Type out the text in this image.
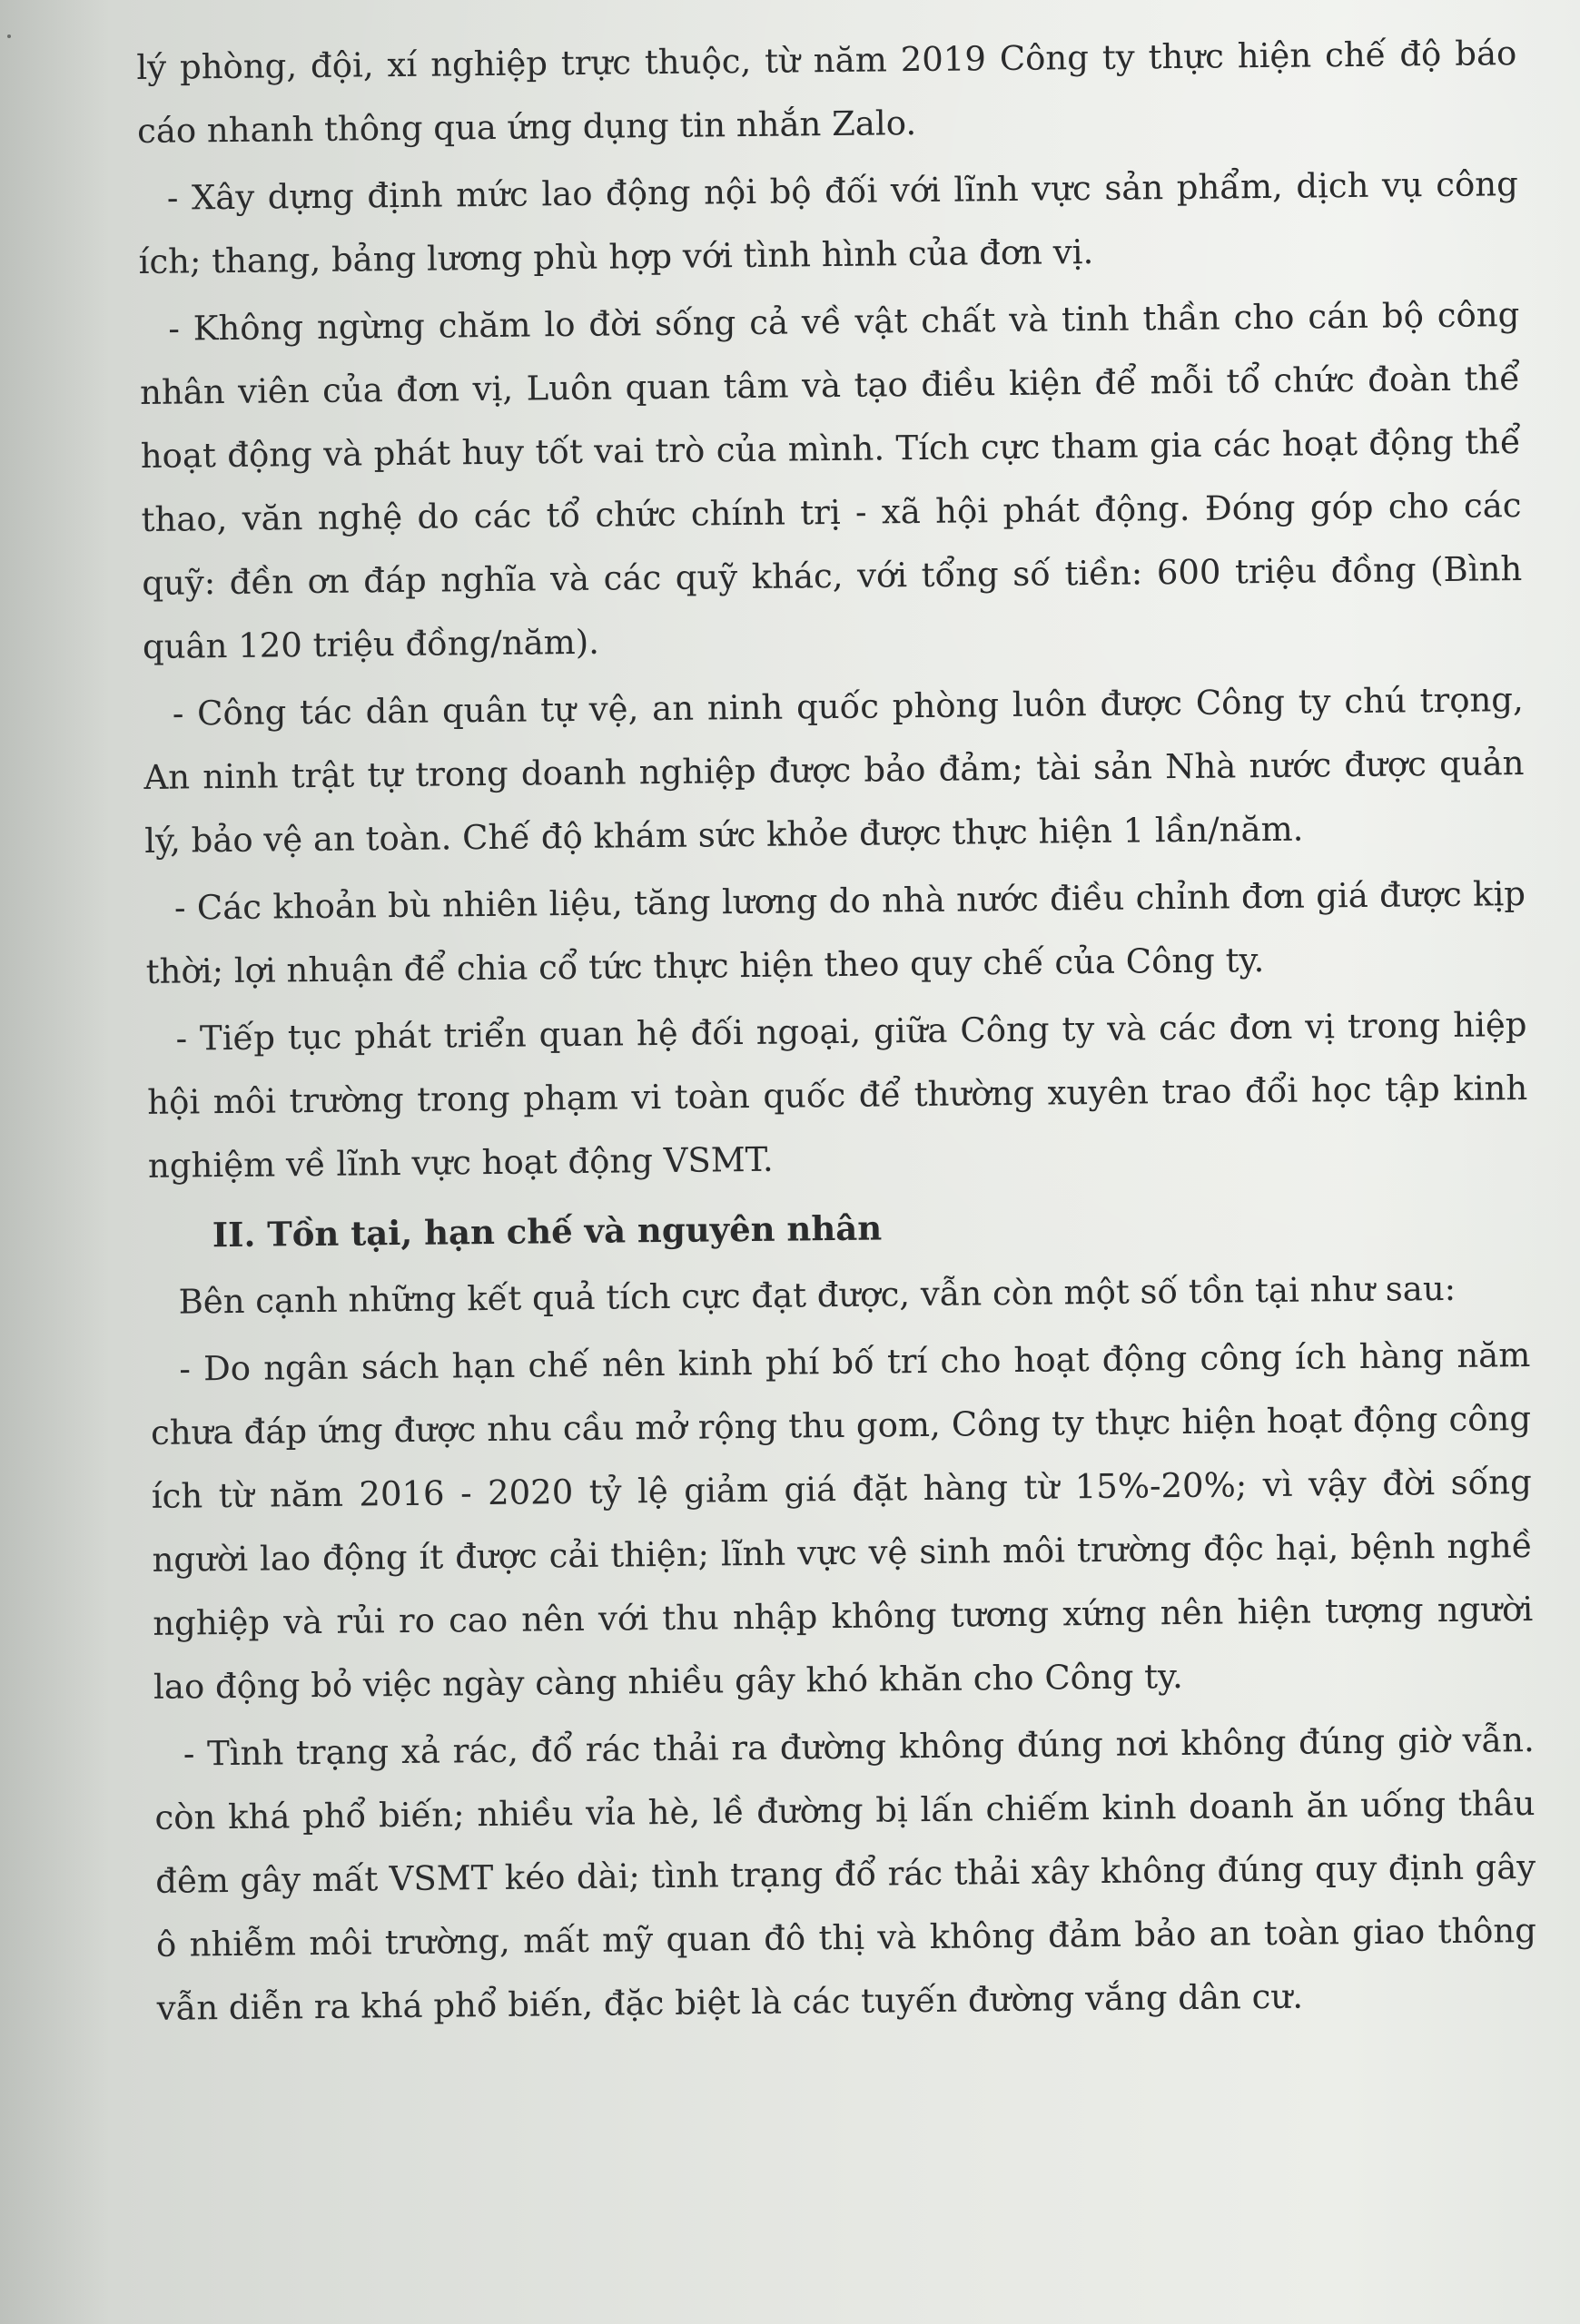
lý phòng, đội, xí nghiệp trực thuộc, từ năm 2019 Công ty thực hiện chế độ báo cáo nhanh thông qua ứng dụng tin nhắn Zalo.

- Xây dựng định mức lao động nội bộ đối với lĩnh vực sản phẩm, dịch vụ công ích; thang, bảng lương phù hợp với tình hình của đơn vị.

- Không ngừng chăm lo đời sống cả về vật chất và tinh thần cho cán bộ công nhân viên của đơn vị, Luôn quan tâm và tạo điều kiện để mỗi tổ chức đoàn thể hoạt động và phát huy tốt vai trò của mình. Tích cực tham gia các hoạt động thể thao, văn nghệ do các tổ chức chính trị - xã hội phát động. Đóng góp cho các quỹ: đền ơn đáp nghĩa và các quỹ khác, với tổng số tiền: 600 triệu đồng (Bình quân 120 triệu đồng/năm).

- Công tác dân quân tự vệ, an ninh quốc phòng luôn được Công ty chú trọng, An ninh trật tự trong doanh nghiệp được bảo đảm; tài sản Nhà nước được quản lý, bảo vệ an toàn. Chế độ khám sức khỏe được thực hiện 1 lần/năm.

- Các khoản bù nhiên liệu, tăng lương do nhà nước điều chỉnh đơn giá được kịp thời; lợi nhuận để chia cổ tức thực hiện theo quy chế của Công ty.

- Tiếp tục phát triển quan hệ đối ngoại, giữa Công ty và các đơn vị trong hiệp hội môi trường trong phạm vi toàn quốc để thường xuyên trao đổi học tập kinh nghiệm về lĩnh vực hoạt động VSMT.

II. Tồn tại, hạn chế và nguyên nhân

Bên cạnh những kết quả tích cực đạt được, vẫn còn một số tồn tại như sau:

- Do ngân sách hạn chế nên kinh phí bố trí cho hoạt động công ích hàng năm chưa đáp ứng được nhu cầu mở rộng thu gom, Công ty thực hiện hoạt động công ích từ năm 2016 - 2020 tỷ lệ giảm giá đặt hàng từ 15%-20%; vì vậy đời sống người lao động ít được cải thiện; lĩnh vực vệ sinh môi trường độc hại, bệnh nghề nghiệp và rủi ro cao nên với thu nhập không tương xứng nên hiện tượng người lao động bỏ việc ngày càng nhiều gây khó khăn cho Công ty.

- Tình trạng xả rác, đổ rác thải ra đường không đúng nơi không đúng giờ vẫn. còn khá phổ biến; nhiều vỉa hè, lề đường bị lấn chiếm kinh doanh ăn uống thâu đêm gây mất VSMT kéo dài; tình trạng đổ rác thải xây không đúng quy định gây ô nhiễm môi trường, mất mỹ quan đô thị và không đảm bảo an toàn giao thông vẫn diễn ra khá phổ biến, đặc biệt là các tuyến đường vắng dân cư.
